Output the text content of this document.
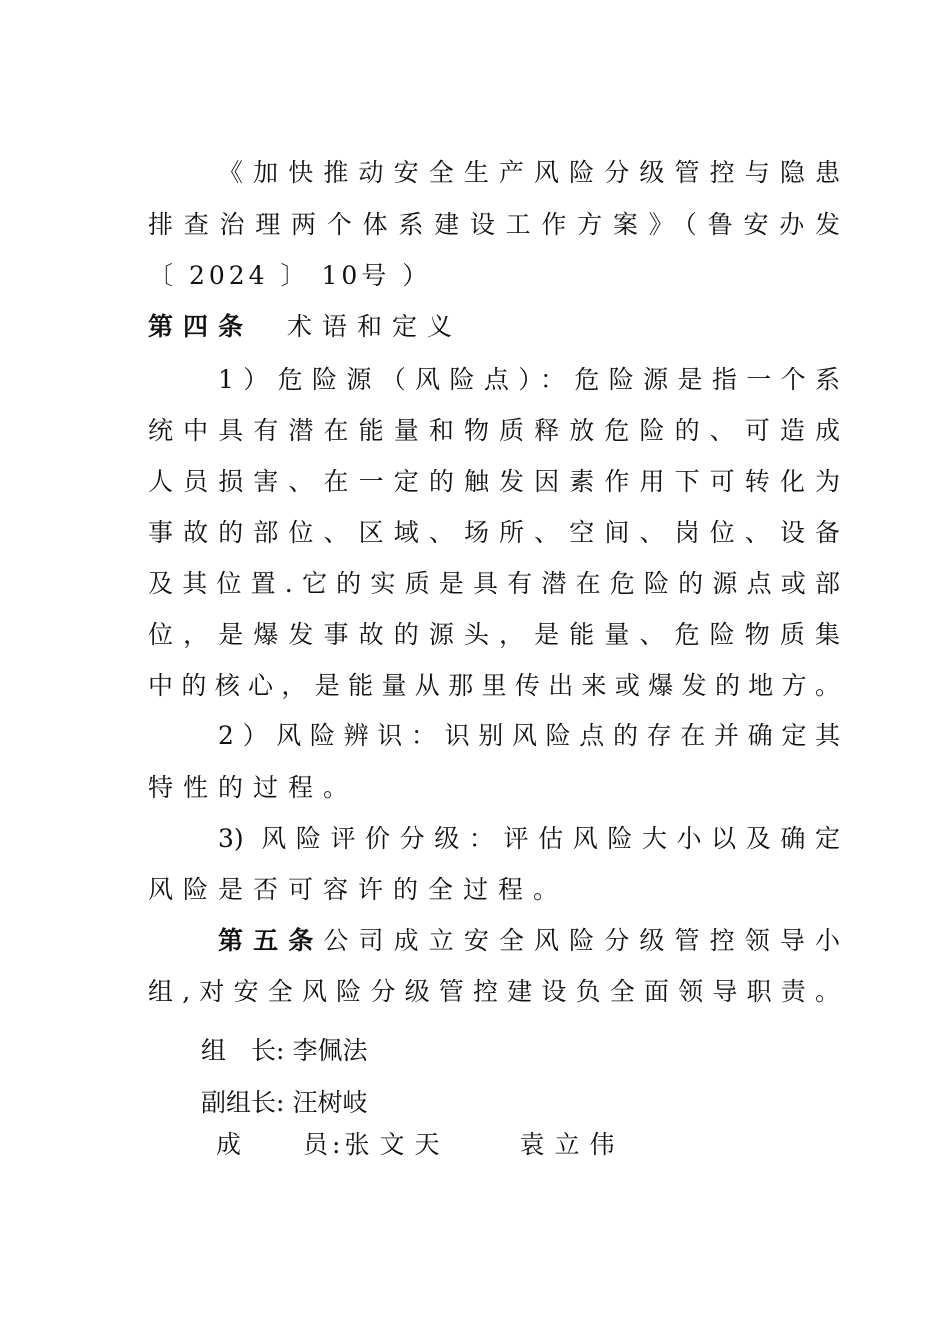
《加快推动安全生产风险分级管控与隐患
排查治理两个体系建设工作方案》（鲁安办发
〔 2024 〕 10号 ）
第四条 术语和定义
1）危险源（风险点）：危险源是指一个系
统中具有潜在能量和物质释放危险的、可造成
人员损害、在一定的触发因素作用下可转化为
事故的部位、区域、场所、空间、岗位、设备
及其位置.它的实质是具有潜在危险的源点或部
位，是爆发事故的源头，是能量、危险物质集
中的核心，是能量从那里传出来或爆发的地方。
2）风险辨识：识别风险点的存在并确定其
特性的过程。
3) 风险评价分级：评估风险大小以及确定
风险是否可容许的全过程。
第五条公司成立安全风险分级管控领导小
组,对安全风险分级管控建设负全面领导职责。
组　长: 李佩法
副组长: 汪树岐
成　　员:张文天　　袁立伟
